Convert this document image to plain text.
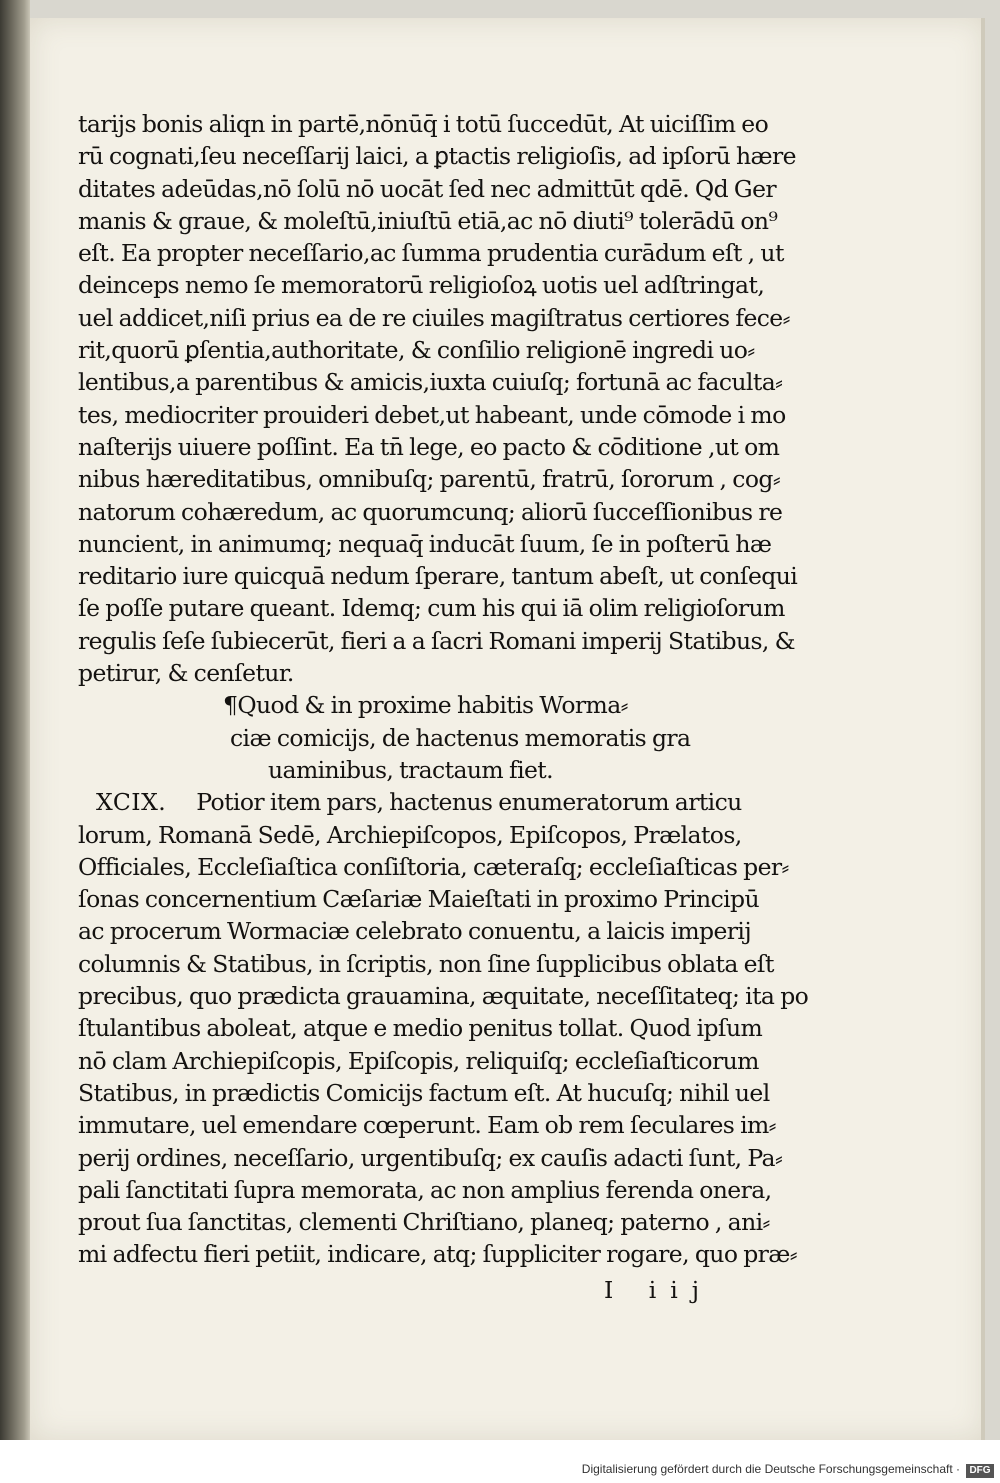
tarijs bonis aliqn in partē,nōnūq̄ i totū ſuccedūt, At uiciſſim eo
rū cognati,ſeu neceſſarij laici, a ꝑtactis religioſis, ad ipſorū hære
ditates adeūdas,nō ſolū nō uocāt ſed nec admittūt qdē. Qd Ger
manis & graue, & moleſtū,iniuſtū etiā,ac nō diuti⁹ tolerādū on⁹
eſt. Ea propter neceſſario,ac ſumma prudentia curādum eſt , ut
deinceps nemo ſe memoratorū religioſoꝝ uotis uel adſtringat,
uel addicet,niſi prius ea de re ciuiles magiſtratus certiores fece⸗
rit,quorū ꝑſentia,authoritate, & conſilio religionē ingredi uo⸗
lentibus,a parentibus & amicis,iuxta cuiuſq; fortunā ac faculta⸗
tes, mediocriter prouideri debet,ut habeant, unde cōmode i mo
naſterijs uiuere poſſint. Ea tn̄ lege, eo pacto & cōditione ,ut om
nibus hæreditatibus, omnibuſq; parentū, fratrū, ſororum , cog⸗
natorum cohæredum, ac quorumcunq; aliorū ſucceſſionibus re
nuncient, in animumq; nequaq̄ inducāt ſuum, ſe in poſterū hæ
reditario iure quicquā nedum ſperare, tantum abeſt, ut conſequi
ſe poſſe putare queant. Idemq; cum his qui iā olim religioſorum
regulis ſeſe ſubiecerūt, fieri a a ſacri Romani imperij Statibus, &
petirur, & cenſetur.
¶Quod & in proxime habitis Worma⸗
ciæ comicijs, de hactenus memoratis gra
uaminibus, tractaum fiet.
XCIX. Potior item pars, hactenus enumeratorum articu
lorum, Romanā Sedē, Archiepiſcopos, Epiſcopos, Prælatos,
Officiales, Eccleſiaſtica conſiſtoria, cæteraſq; eccleſiaſticas per⸗
ſonas concernentium Cæſariæ Maieſtati in proximo Principū
ac procerum Wormaciæ celebrato conuentu, a laicis imperij
columnis & Statibus, in ſcriptis, non ſine ſupplicibus oblata eſt
precibus, quo prædicta grauamina, æquitate, neceſſitateq; ita po
ſtulantibus aboleat, atque e medio penitus tollat. Quod ipſum
nō clam Archiepiſcopis, Epiſcopis, reliquiſq; eccleſiaſticorum
Statibus, in prædictis Comicijs factum eſt. At hucuſq; nihil uel
immutare, uel emendare cœperunt. Eam ob rem ſeculares im⸗
perij ordines, neceſſario, urgentibuſq; ex cauſis adacti ſunt, Pa⸗
pali ſanctitati ſupra memorata, ac non amplius ferenda onera,
prout ſua ſanctitas, clementi Chriſtiano, planeq; paterno , ani⸗
mi adfectu fieri petiit, indicare, atq; ſuppliciter rogare, quo præ⸗
I iij
Digitalisierung gefördert durch die Deutsche Forschungsgemeinschaft · DFG
